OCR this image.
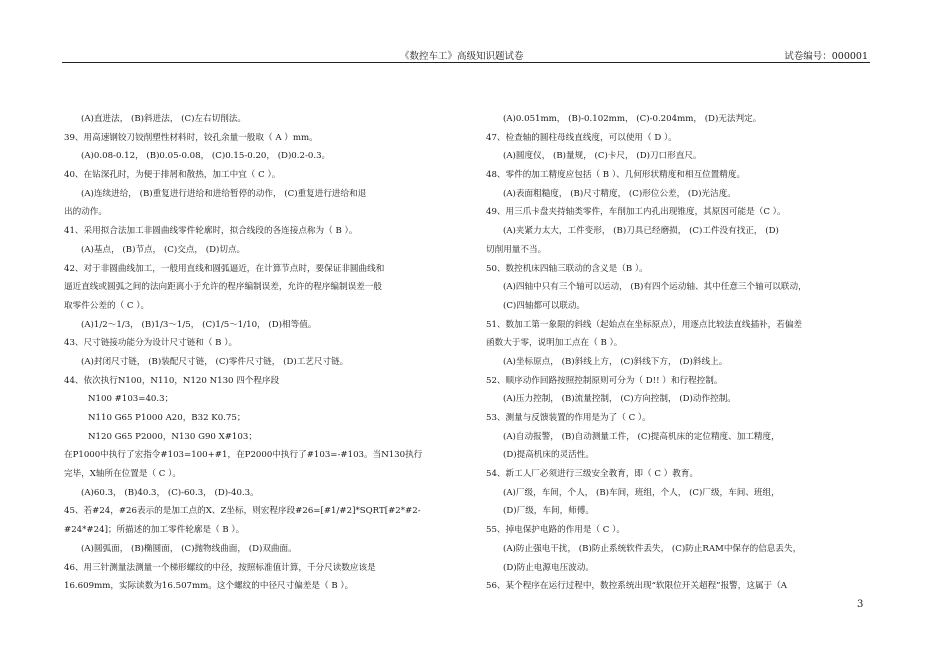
《数控车工》高级知识题试卷	试卷编号：000001
(A)直进法， (B)斜进法， (C)左右切削法。
39、用高速钢铰刀铰削塑性材料时，铰孔余量一般取（ A ）mm。
(A)0.08-0.12， (B)0.05-0.08， (C)0.15-0.20， (D)0.2-0.3。
40、在钻深孔时，为便于排屑和散热，加工中宜（ C ）。
(A)连续进给， (B)重复进行进给和进给暂停的动作， (C)重复进行进给和退
出的动作。
41、采用拟合法加工非圆曲线零件轮廓时，拟合线段的各连接点称为（ B ）。
(A)基点， (B)节点， (C)交点， (D)切点。
42、对于非圆曲线加工，一般用直线和圆弧逼近，在计算节点时，要保证非圆曲线和
逼近直线或圆弧之间的法向距离小于允许的程序编制误差，允许的程序编制误差一般
取零件公差的（ C ）。
(A)1/2～1/3， (B)1/3～1/5， (C)1/5～1/10， (D)相等值。
43、尺寸链接功能分为设计尺寸链和（ B ）。
(A)封闭尺寸链， (B)装配尺寸链， (C)零件尺寸链， (D)工艺尺寸链。
44、依次执行N100，N110，N120 N130 四个程序段
N100 #103=40.3；
N110 G65 P1000 A20，B32 K0.75；
N120 G65 P2000，N130 G90 X#103；
在P1000中执行了宏指令#103=100+#1，在P2000中执行了#103=-#103。当N130执行
完毕，X轴所在位置是（ C ）。
(A)60.3， (B)40.3， (C)-60.3， (D)-40.3。
45、若#24，#26表示的是加工点的X、Z坐标，则宏程序段#26=[#1/#2]*SQRT[#2*#2-
#24*#24]；所描述的加工零件轮廓是（ B ）。
(A)圆弧面， (B)椭圆面， (C)抛物线曲面， (D)双曲面。
46、用三针测量法测量一个梯形螺纹的中径，按照标准值计算，千分尺读数应该是
16.609mm，实际读数为16.507mm。这个螺纹的中径尺寸偏差是（ B ）。
(A)0.051mm， (B)-0.102mm， (C)-0.204mm， (D)无法判定。
47、检查轴的圆柱母线直线度，可以使用（ D ）。
(A)圆度仪， (B)量规， (C)卡尺， (D)刀口形直尺。
48、零件的加工精度应包括（ B ）、几何形状精度和相互位置精度。
(A)表面粗糙度， (B)尺寸精度， (C)形位公差， (D)光洁度。
49、用三爪卡盘夹持轴类零件，车削加工内孔出现锥度，其原因可能是（C ）。
(A)夹紧力太大，工件变形， (B)刀具已经磨损， (C)工件没有找正， (D)
切削用量不当。
50、数控机床四轴三联动的含义是（B ）。
(A)四轴中只有三个轴可以运动， (B)有四个运动轴、其中任意三个轴可以联动，
(C)四轴都可以联动。
51、数加工第一象限的斜线（起始点在坐标原点），用逐点比较法直线插补，若偏差
函数大于零，说明加工点在（ B ）。
(A)坐标原点， (B)斜线上方， (C)斜线下方， (D)斜线上。
52、顺序动作回路按照控制原则可分为（ D!! ）和行程控制。
(A)压力控制， (B)流量控制， (C)方向控制， (D)动作控制。
53、测量与反馈装置的作用是为了（ C ）。
(A)自动报警， (B)自动测量工件， (C)提高机床的定位精度、加工精度，
(D)提高机床的灵活性。
54、新工人厂必须进行三级安全教育，即（ C ）教育。
(A)厂级，车间，个人， (B)车间，班组，个人， (C)厂级，车间、班组，
(D)厂级，车间，师傅。
55、掉电保护电路的作用是（ C ）。
(A)防止强电干扰， (B)防止系统软件丢失， (C)防止RAM中保存的信息丢失，
(D)防止电源电压波动。
56、某个程序在运行过程中，数控系统出现“软限位开关超程”报警，这属于（A
3
